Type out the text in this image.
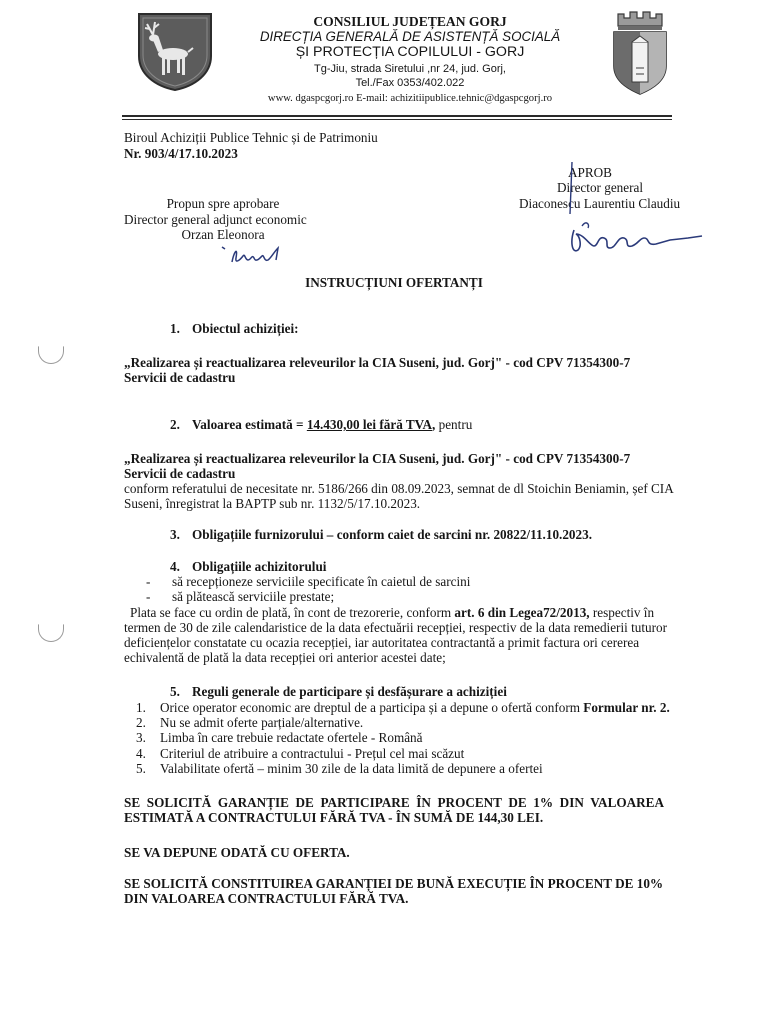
CONSILIUL JUDEȚEAN GORJ
DIRECȚIA GENERALĂ DE ASISTENȚĂ SOCIALĂ
ȘI PROTECȚIA COPILULUI - GORJ
Tg-Jiu, strada Siretului ,nr 24, jud. Gorj,
Tel./Fax 0353/402.022
www. dgaspcgorj.ro E-mail: achizitiipublice.tehnic@dgaspcgorj.ro
Biroul Achiziții Publice Tehnic și de Patrimoniu
Nr. 903/4/17.10.2023
Propun spre aprobare
Director general adjunct economic
Orzan Eleonora
APROB
Director general
Diaconescu Laurentiu Claudiu
INSTRUCȚIUNI OFERTANȚI
1. Obiectul achiziției:
„Realizarea și reactualizarea releveurilor la CIA Suseni, jud. Gorj" - cod CPV 71354300-7
Servicii de cadastru
2. Valoarea estimată = 14.430,00 lei fără TVA, pentru
„Realizarea și reactualizarea releveurilor la CIA Suseni, jud. Gorj" - cod CPV 71354300-7
Servicii de cadastru
conform referatului de necesitate nr. 5186/266 din 08.09.2023, semnat de dl Stoichin Beniamin, șef CIA
Suseni, înregistrat la BAPTP sub nr. 1132/5/17.10.2023.
3. Obligațiile furnizorului – conform caiet de sarcini nr. 20822/11.10.2023.
4. Obligațiile achizitorului
- să recepționeze serviciile specificate în caietul de sarcini
- să plătească serviciile prestate;
Plata se face cu ordin de plată, în cont de trezorerie, conform art. 6 din Legea72/2013, respectiv în
termen de 30 de zile calendaristice de la data efectuării recepției, respectiv de la data remedierii tuturor
deficiențelor constatate cu ocazia recepției, iar autoritatea contractantă a primit factura ori cererea
echivalentă de plată la data recepției ori anterior acestei date;
5. Reguli generale de participare și desfășurare a achiziției
1. Orice operator economic are dreptul de a participa și a depune o ofertă conform Formular nr. 2.
2. Nu se admit oferte parțiale/alternative.
3. Limba în care trebuie redactate ofertele - Română
4. Criteriul de atribuire a contractului - Prețul cel mai scăzut
5. Valabilitate ofertă – minim 30 zile de la data limită de depunere a ofertei
SE SOLICITĂ GARANȚIE DE PARTICIPARE ÎN PROCENT DE 1% DIN VALOAREA
ESTIMATĂ A CONTRACTULUI FĂRĂ TVA - ÎN SUMĂ DE 144,30 LEI.
SE VA DEPUNE ODATĂ CU OFERTA.
SE SOLICITĂ CONSTITUIREA GARANȚIEI DE BUNĂ EXECUȚIE ÎN PROCENT DE 10%
DIN VALOAREA CONTRACTULUI FĂRĂ TVA.
